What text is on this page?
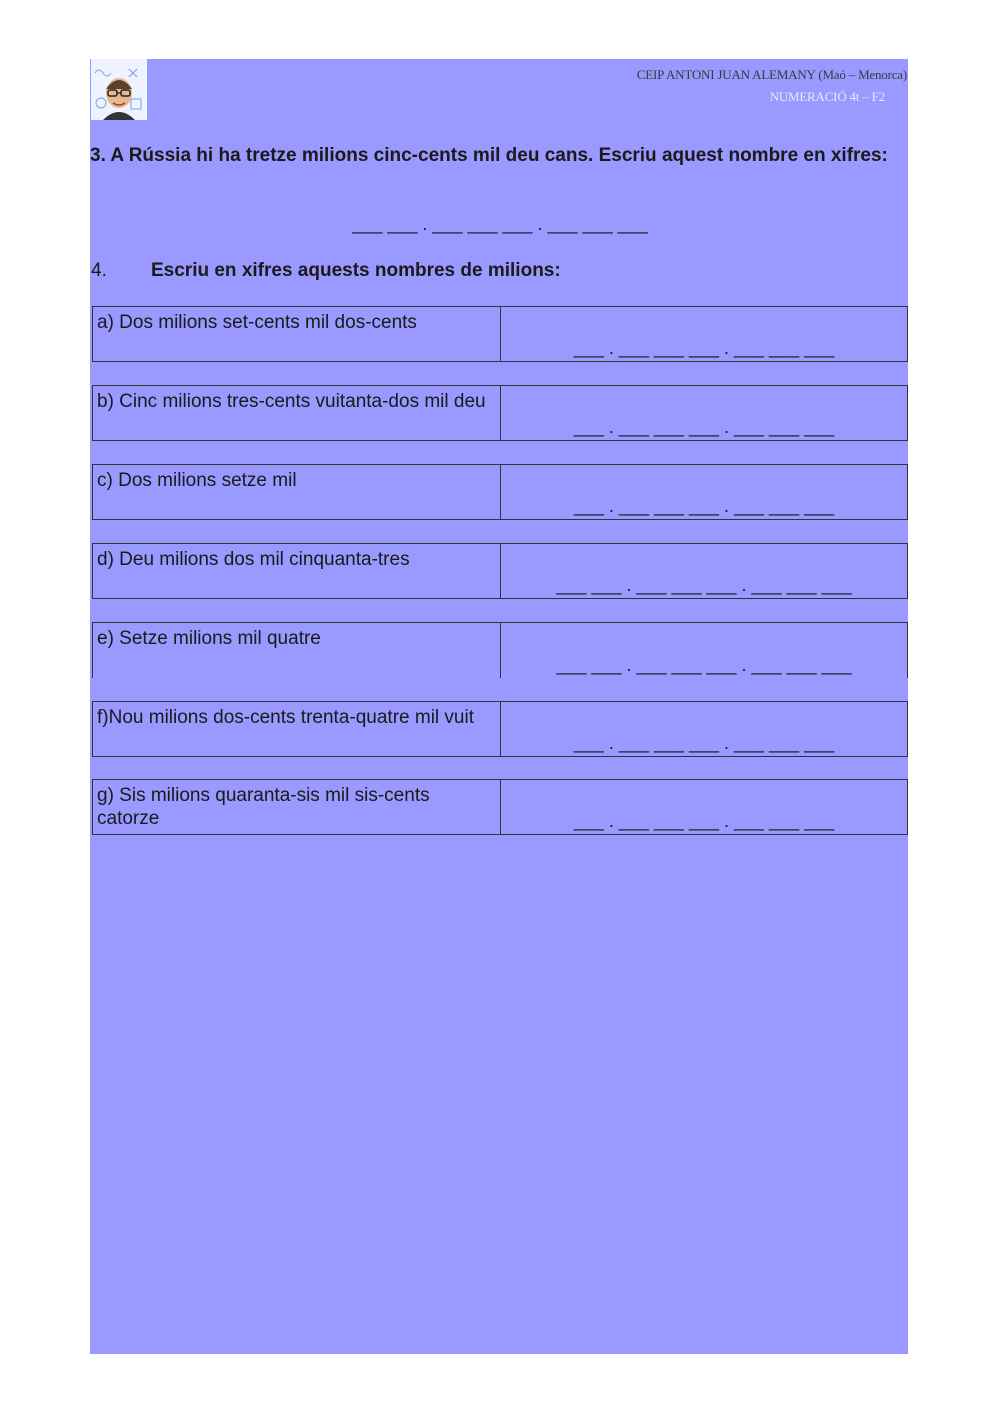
CEIP ANTONI JUAN ALEMANY (Maó – Menorca)
NUMERACIÓ 4t – F2
3. A Rússia hi ha tretze milions cinc-cents mil deu cans. Escriu aquest nombre en xifres:
___ ___ . ___ ___ ___ . ___ ___ ___
4. Escriu en xifres aquests nombres de milions:
a) Dos milions set-cents mil dos-cents
___ . ___ ___ ___ . ___ ___ ___
b) Cinc milions tres-cents vuitanta-dos mil deu
___ . ___ ___ ___ . ___ ___ ___
c) Dos milions setze mil
___ . ___ ___ ___ . ___ ___ ___
d) Deu milions dos mil cinquanta-tres
___ ___ . ___ ___ ___ . ___ ___ ___
e) Setze milions mil quatre
___ ___ . ___ ___ ___ . ___ ___ ___
f)Nou milions dos-cents trenta-quatre mil vuit
___ . ___ ___ ___ . ___ ___ ___
g) Sis milions quaranta-sis mil sis-cents catorze	___ . ___ ___ ___ . ___ ___ ___
